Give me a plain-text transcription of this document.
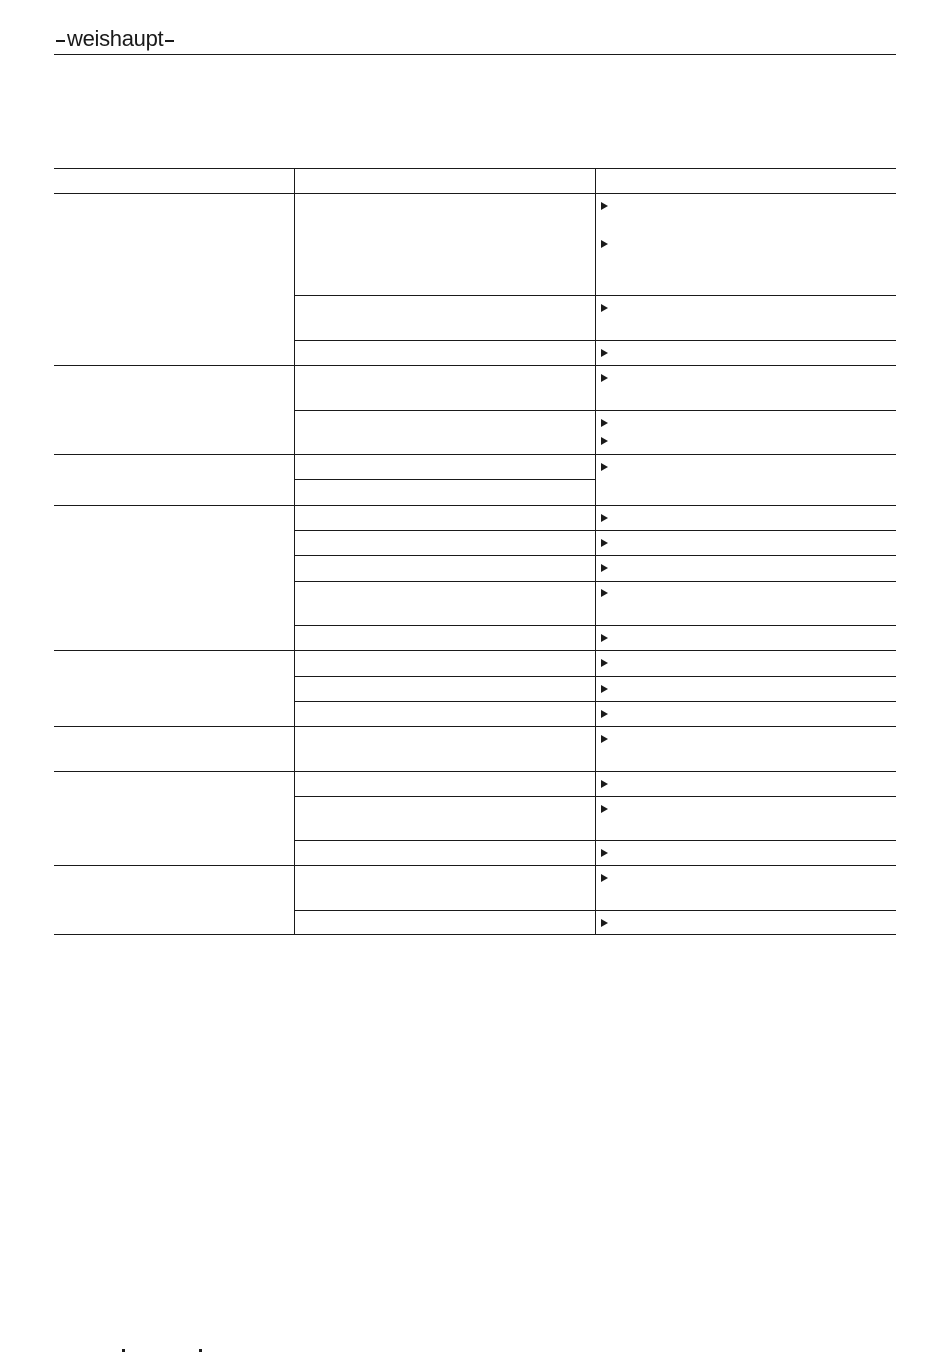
weishaupt
